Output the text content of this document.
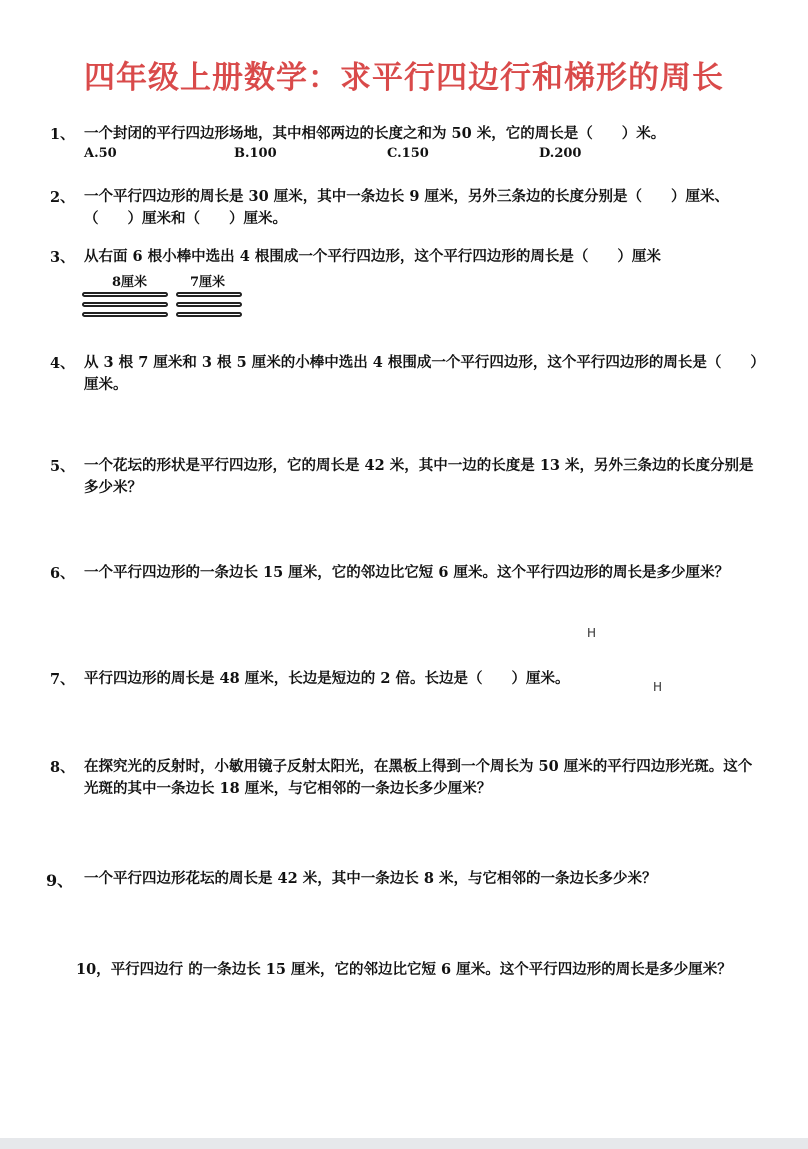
四年级上册数学：求平行四边行和梯形的周长
1、 一个封闭的平行四边形场地，其中相邻两边的长度之和为 50 米，它的周长是（　　）米。
A.50	B.100	C.150	D.200
2、 一个平行四边形的周长是 30 厘米，其中一条边长 9 厘米，另外三条边的长度分别是（　　）厘米、（　　）厘米和（　　）厘米。
3、 从右面 6 根小棒中选出 4 根围成一个平行四边形，这个平行四边形的周长是（　　）厘米
8厘米	7厘米
4、 从 3 根 7 厘米和 3 根 5 厘米的小棒中选出 4 根围成一个平行四边形，这个平行四边形的周长是（　　）厘米。
5、 一个花坛的形状是平行四边形，它的周长是 42 米，其中一边的长度是 13 米，另外三条边的长度分别是多少米？
6、 一个平行四边形的一条边长 15 厘米，它的邻边比它短 6 厘米。这个平行四边形的周长是多少厘米？
H
7、 平行四边形的周长是 48 厘米，长边是短边的 2 倍。长边是（　　）厘米。	H
8、 在探究光的反射时，小敏用镜子反射太阳光，在黑板上得到一个周长为 50 厘米的平行四边形光斑。这个光斑的其中一条边长 18 厘米，与它相邻的一条边长多少厘米？
9、 一个平行四边形花坛的周长是 42 米，其中一条边长 8 米，与它相邻的一条边长多少米？
10，平行四边行 的一条边长 15 厘米，它的邻边比它短 6 厘米。这个平行四边形的周长是多少厘米？
